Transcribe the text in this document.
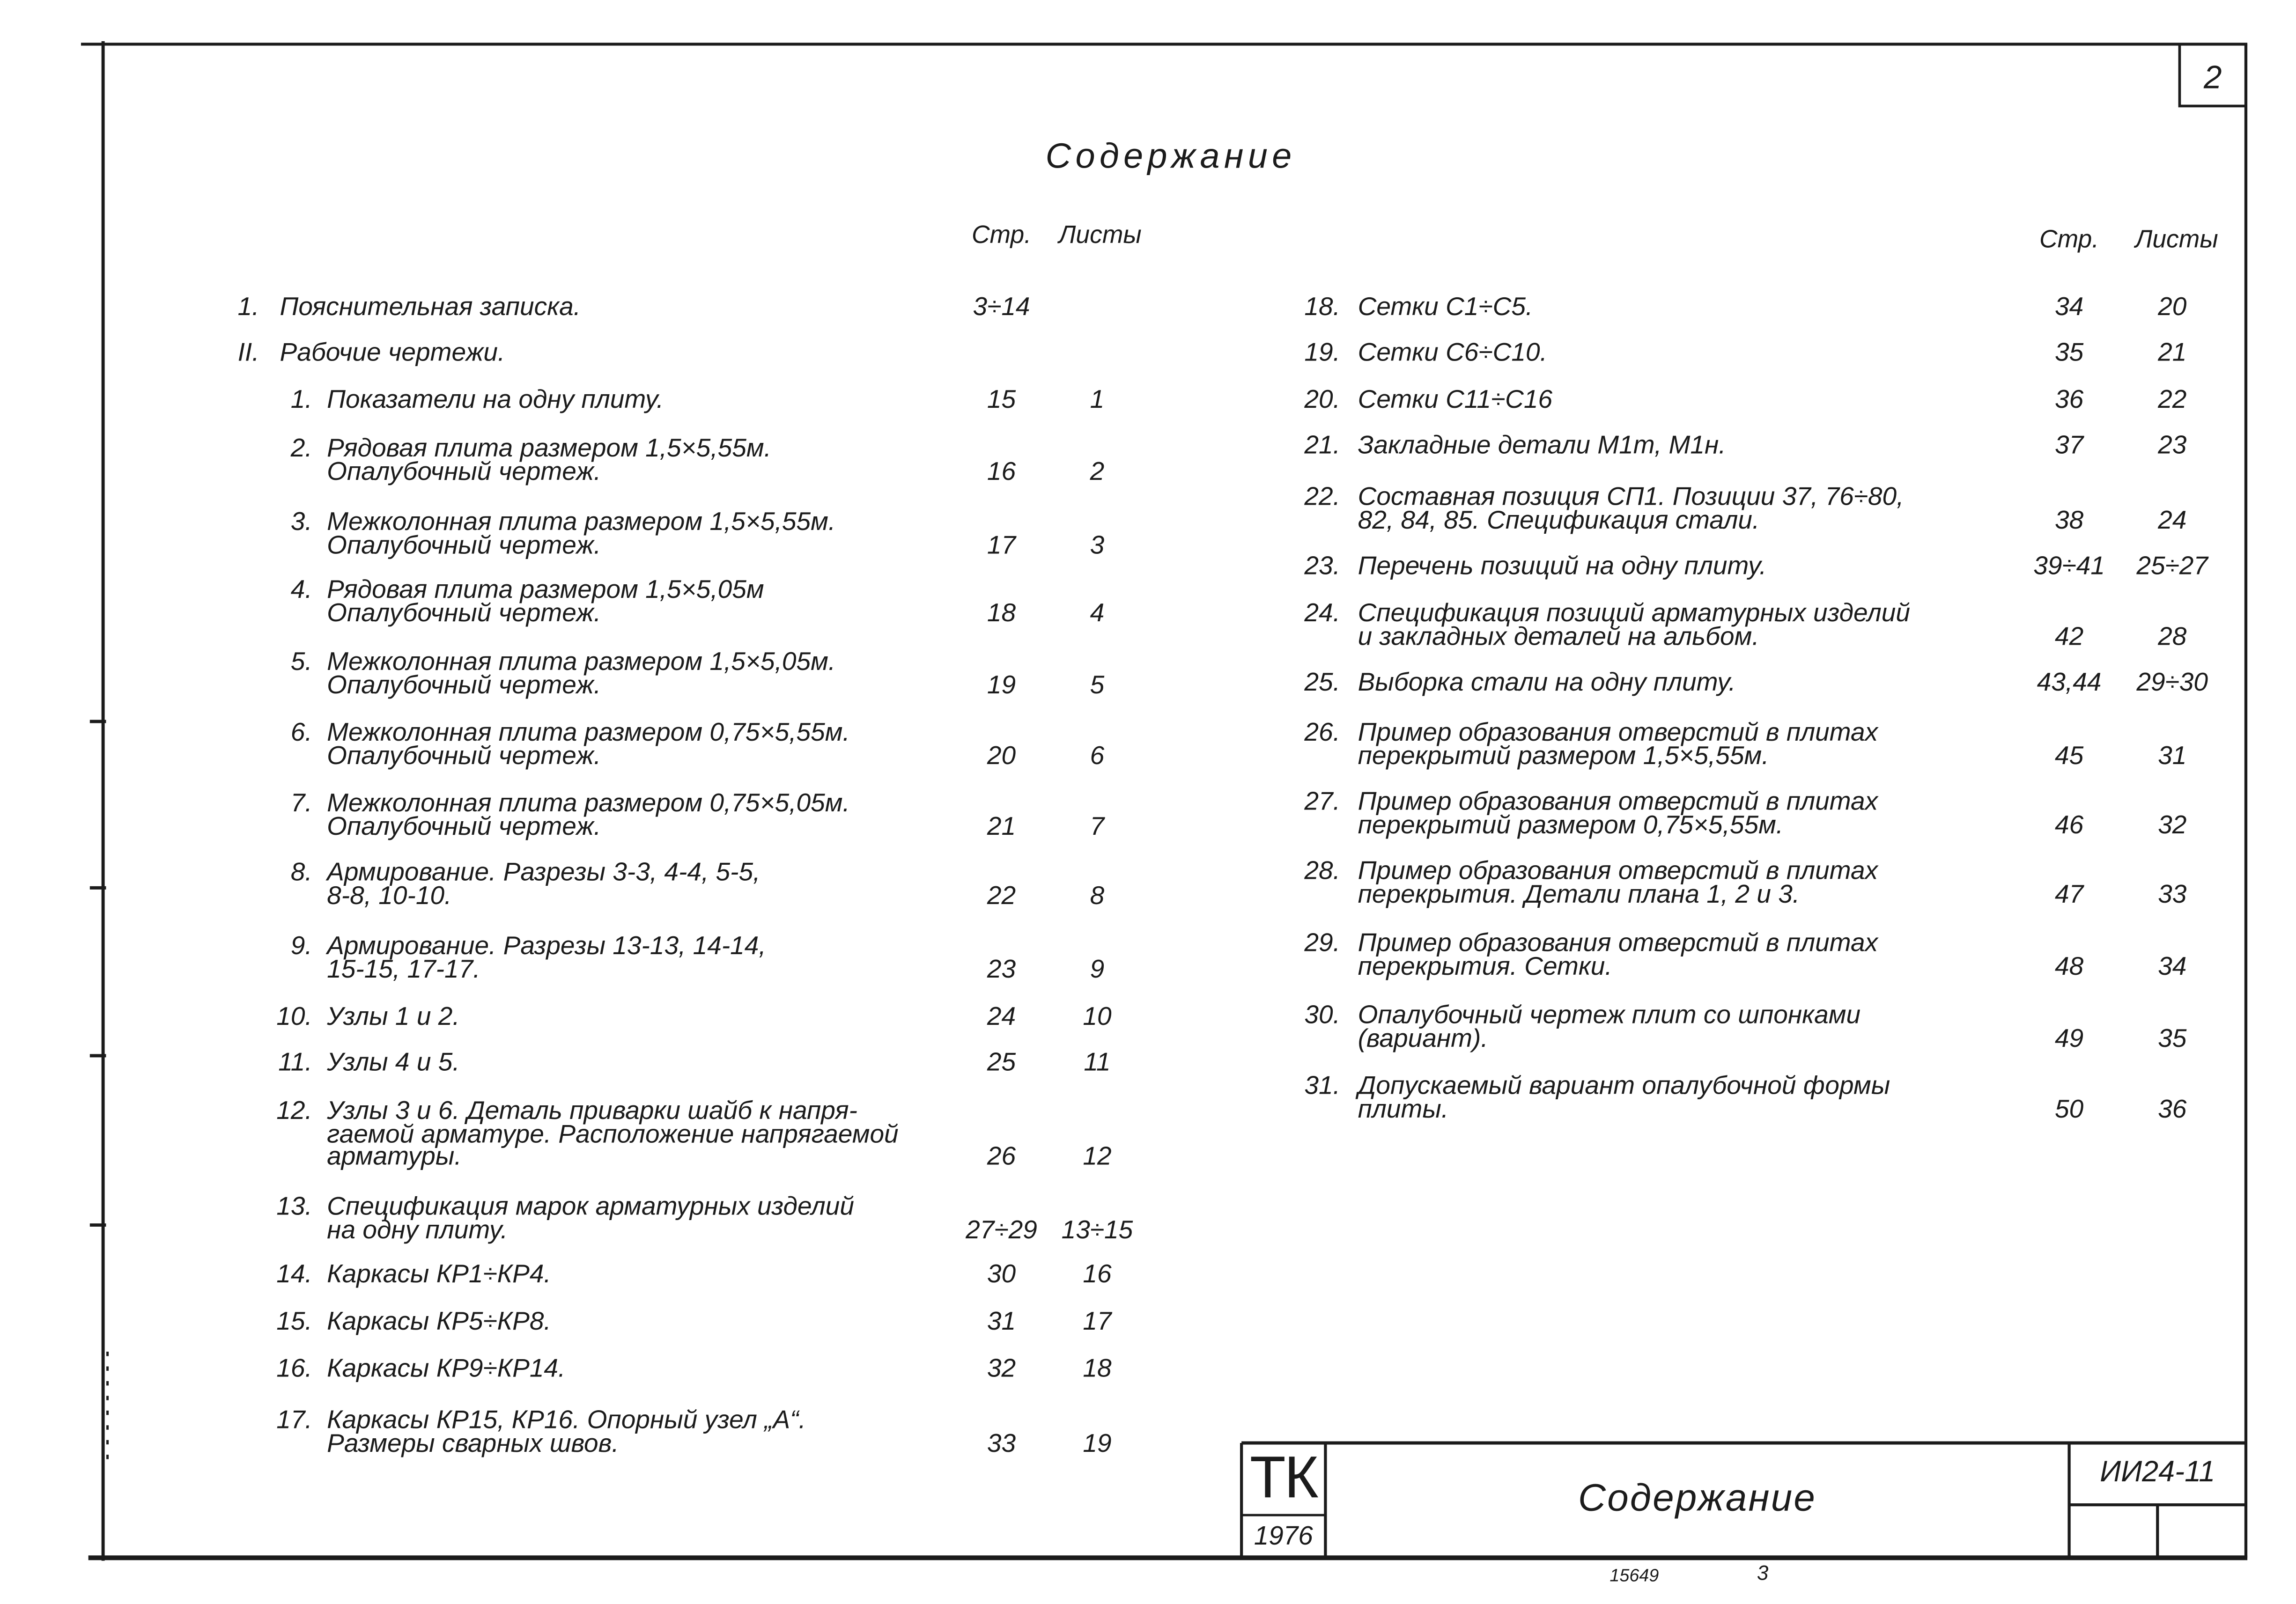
2
Содержание
Стр.	Листы	Стр.	Листы
1.	Пояснительная записка.	3÷14
II.	Рабочие чертежи.
1. Показатели на одну плиту.	15	1
2. Рядовая плита размером 1,5×5,55м.
Опалубочный чертеж.	16	2
3. Межколонная плита размером 1,5×5,55м.
Опалубочный чертеж.	17	3
4. Рядовая плита размером 1,5×5,05м
Опалубочный чертеж.	18	4
5. Межколонная плита размером 1,5×5,05м.
Опалубочный чертеж.	19	5
6. Межколонная плита размером 0,75×5,55м.
Опалубочный чертеж.	20	6
7. Межколонная плита размером 0,75×5,05м.
Опалубочный чертеж.	21	7
8. Армирование. Разрезы 3-3, 4-4, 5-5,
8-8, 10-10.	22	8
9. Армирование. Разрезы 13-13, 14-14,
15-15, 17-17.	23	9
10. Узлы 1 и 2.	24	10
11. Узлы 4 и 5.	25	11
12. Узлы 3 и 6. Деталь приварки шайб к напря-
гаемой арматуре. Расположение напрягаемой
арматуры.	26	12
13. Спецификация марок арматурных изделий
на одну плиту.	27÷29	13÷15
14. Каркасы КР1÷КР4.	30	16
15. Каркасы КР5÷КР8.	31	17
16. Каркасы КР9÷КР14.	32	18
17. Каркасы КР15, КР16. Опорный узел „А“.
Размеры сварных швов.	33	19
18. Сетки С1÷С5.	34	20
19. Сетки С6÷С10.	35	21
20. Сетки С11÷С16	36	22
21. Закладные детали М1т, М1н.	37	23
22. Составная позиция СП1. Позиции 37, 76÷80,
82, 84, 85. Спецификация стали.	38	24
23. Перечень позиций на одну плиту.	39÷41	25÷27
24. Спецификация позиций арматурных изделий
и закладных деталей на альбом.	42	28
25. Выборка стали на одну плиту.	43,44	29÷30
26. Пример образования отверстий в плитах
перекрытий размером 1,5×5,55м.	45	31
27. Пример образования отверстий в плитах
перекрытий размером 0,75×5,55м.	46	32
28. Пример образования отверстий в плитах
перекрытия. Детали плана 1, 2 и 3.	47	33
29. Пример образования отверстий в плитах
перекрытия. Сетки.	48	34
30. Опалубочный чертеж плит со шпонками
(вариант).	49	35
31. Допускаемый вариант опалубочной формы
плиты.	50	36
ТК
1976
Содержание
ИИ24-11
15649	3
